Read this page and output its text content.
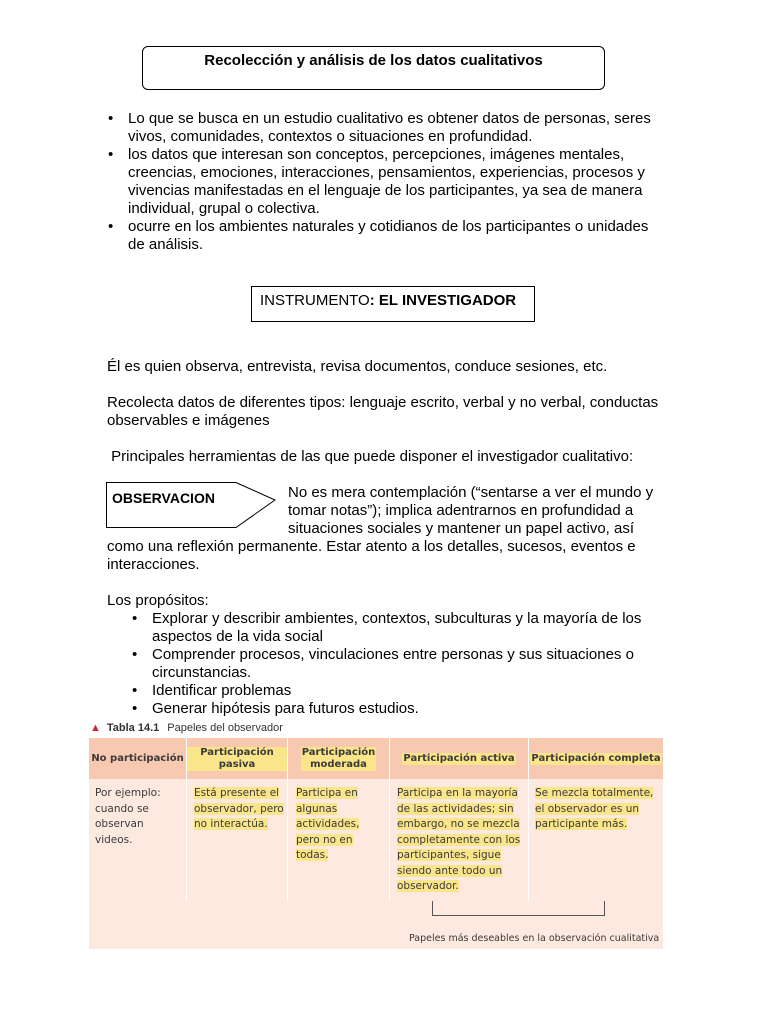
Recolección y análisis de los datos cualitativos
• Lo que se busca en un estudio cualitativo es obtener datos de personas, seres vivos, comunidades, contextos o situaciones en profundidad.
• los datos que interesan son conceptos, percepciones, imágenes mentales, creencias, emociones, interacciones, pensamientos, experiencias, procesos y vivencias manifestadas en el lenguaje de los participantes, ya sea de manera individual, grupal o colectiva.
• ocurre en los ambientes naturales y cotidianos de los participantes o unidades de análisis.
INSTRUMENTO: EL INVESTIGADOR

Él es quien observa, entrevista, revisa documentos, conduce sesiones, etc.

Recolecta datos de diferentes tipos: lenguaje escrito, verbal y no verbal, conductas observables e imágenes

Principales herramientas de las que puede disponer el investigador cualitativo:

OBSERVACION	No es mera contemplación (“sentarse a ver el mundo y tomar notas”); implica adentrarnos en profundidad a situaciones sociales y mantener un papel activo, así como una reflexión permanente. Estar atento a los detalles, sucesos, eventos e interacciones.

Los propósitos:

• Explorar y describir ambientes, contextos, subculturas y la mayoría de los aspectos de la vida social
• Comprender procesos, vinculaciones entre personas y sus situaciones o circunstancias.
• Identificar problemas
• Generar hipótesis para futuros estudios.
▲ Tabla 14.1 Papeles del observador
No participación
Participación pasiva
Participación moderada
Participación activa Participación completa
Por ejemplo: cuando se observan videos.
Está presente el observador, pero no interactúa.
Participa en algunas actividades, pero no en todas.
Participa en la mayoría de las actividades; sin embargo, no se mezcla completamente con los participantes, sigue siendo ante todo un observador.
Se mezcla totalmente, el observador es un participante más.
Papeles más deseables en la observación cualitativa
